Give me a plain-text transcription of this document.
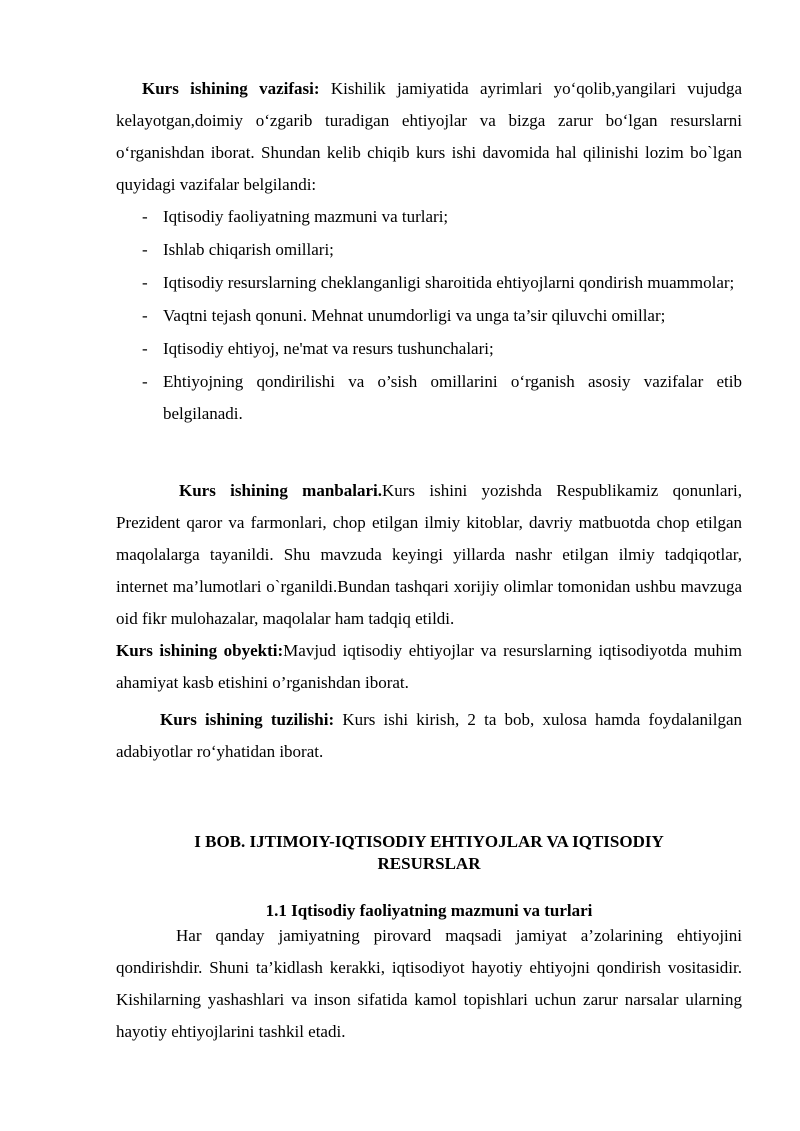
Kurs ishining vazifasi: Kishilik jamiyatida ayrimlari yo‘qolib,yangilari vujudga kelayotgan,doimiy o‘zgarib turadigan ehtiyojlar va bizga zarur bo‘lgan resurslarni o‘rganishdan iborat. Shundan kelib chiqib kurs ishi davomida hal qilinishi lozim bo`lgan quyidagi vazifalar belgilandi:

- Iqtisodiy faoliyatning mazmuni va turlari;
- Ishlab chiqarish omillari;
- Iqtisodiy resurslarning cheklanganligi sharoitida ehtiyojlarni qondirish muammolar;
- Vaqtni tejash qonuni. Mehnat unumdorligi va unga ta’sir qiluvchi omillar;
- Iqtisodiy ehtiyoj, ne'mat va resurs tushunchalari;
- Ehtiyojning qondirilishi va o’sish omillarini o‘rganish asosiy vazifalar etib belgilanadi.

Kurs ishining manbalari.Kurs ishini yozishda Respublikamiz qonunlari, Prezident qaror va farmonlari, chop etilgan ilmiy kitoblar, davriy matbuotda chop etilgan maqolalarga tayanildi. Shu mavzuda keyingi yillarda nashr etilgan ilmiy tadqiqotlar, internet ma’lumotlari o`rganildi.Bundan tashqari xorijiy olimlar tomonidan ushbu mavzuga oid fikr mulohazalar, maqolalar ham tadqiq etildi.

Kurs ishining obyekti:Mavjud iqtisodiy ehtiyojlar va resurslarning iqtisodiyotda muhim ahamiyat kasb etishini o’rganishdan iborat.

Kurs ishining tuzilishi: Kurs ishi kirish, 2 ta bob, xulosa hamda foydalanilgan adabiyotlar ro‘yhatidan iborat.

I BOB. IJTIMOIY-IQTISODIY EHTIYOJLAR VA IQTISODIY
RESURSLAR
1.1 Iqtisodiy faoliyatning mazmuni va turlari

Har qanday jamiyatning pirovard maqsadi jamiyat a’zolarining ehtiyojini qondirishdir. Shuni ta’kidlash kerakki, iqtisodiyot hayotiy ehtiyojni qondirish vositasidir. Kishilarning yashashlari va inson sifatida kamol topishlari uchun zarur narsalar ularning hayotiy ehtiyojlarini tashkil etadi.
